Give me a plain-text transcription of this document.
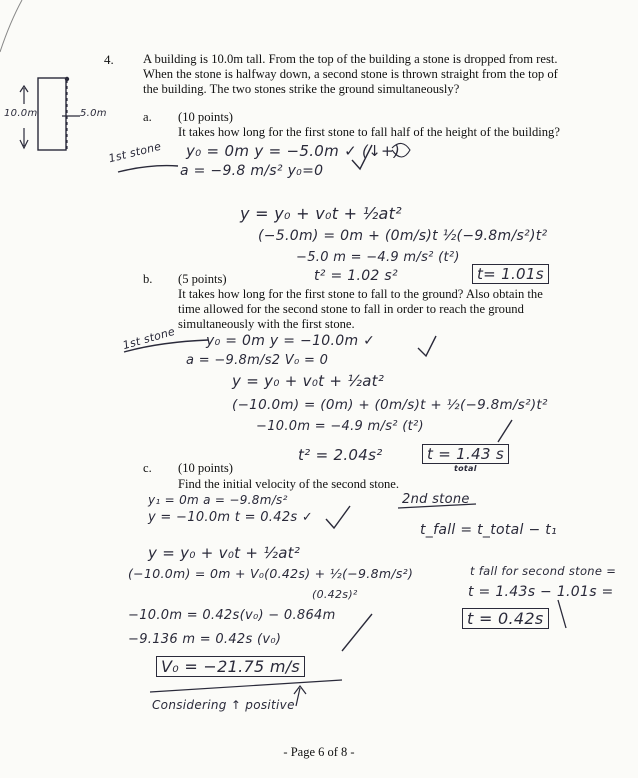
4. A building is 10.0m tall. From the top of the building a stone is dropped from rest.
When the stone is halfway down, a second stone is thrown straight from the top of
the building. The two stones strike the ground simultaneously?
10.0m	5.0m	a. (10 points)
It takes how long for the first stone to fall half of the height of the building?
1st stone y₀ = 0m y = −5.0m ✓ (↓+)
a = −9.8 m/s² y₀=0
y = y₀ + v₀t + ½at²
(−5.0m) = 0m + (0m/s)t ½(−9.8m/s²)t²
−5.0 m = −4.9 m/s² (t²)
t² = 1.02 s²	t= 1.01s
b. (5 points)
It takes how long for the first stone to fall to the ground? Also obtain the
time allowed for the second stone to fall in order to reach the ground
simultaneously with the first stone.
1st stone y₀ = 0m y = −10.0m ✓
a = −9.8m/s2 V₀ = 0
y = y₀ + v₀t + ½at²
(−10.0m) = (0m) + (0m/s)t + ½(−9.8m/s²)t²
−10.0m = −4.9 m/s² (t²)
t² = 2.04s²	t = 1.43 s
total
c. (10 points)
Find the initial velocity of the second stone.
y₁ = 0m a = −9.8m/s²
y = −10.0m t = 0.42s ✓
y = y₀ + v₀t + ½at²
(−10.0m) = 0m + V₀(0.42s) + ½(−9.8m/s²)
(0.42s)²
−10.0m = 0.42s(v₀) − 0.864m
−9.136 m = 0.42s (v₀)
V₀ = −21.75 m/s
Considering ↑ positive
2nd stone
t_fall = t_total − t₁
t fall for second stone =
t = 1.43s − 1.01s =
t = 0.42s
- Page 6 of 8 -
